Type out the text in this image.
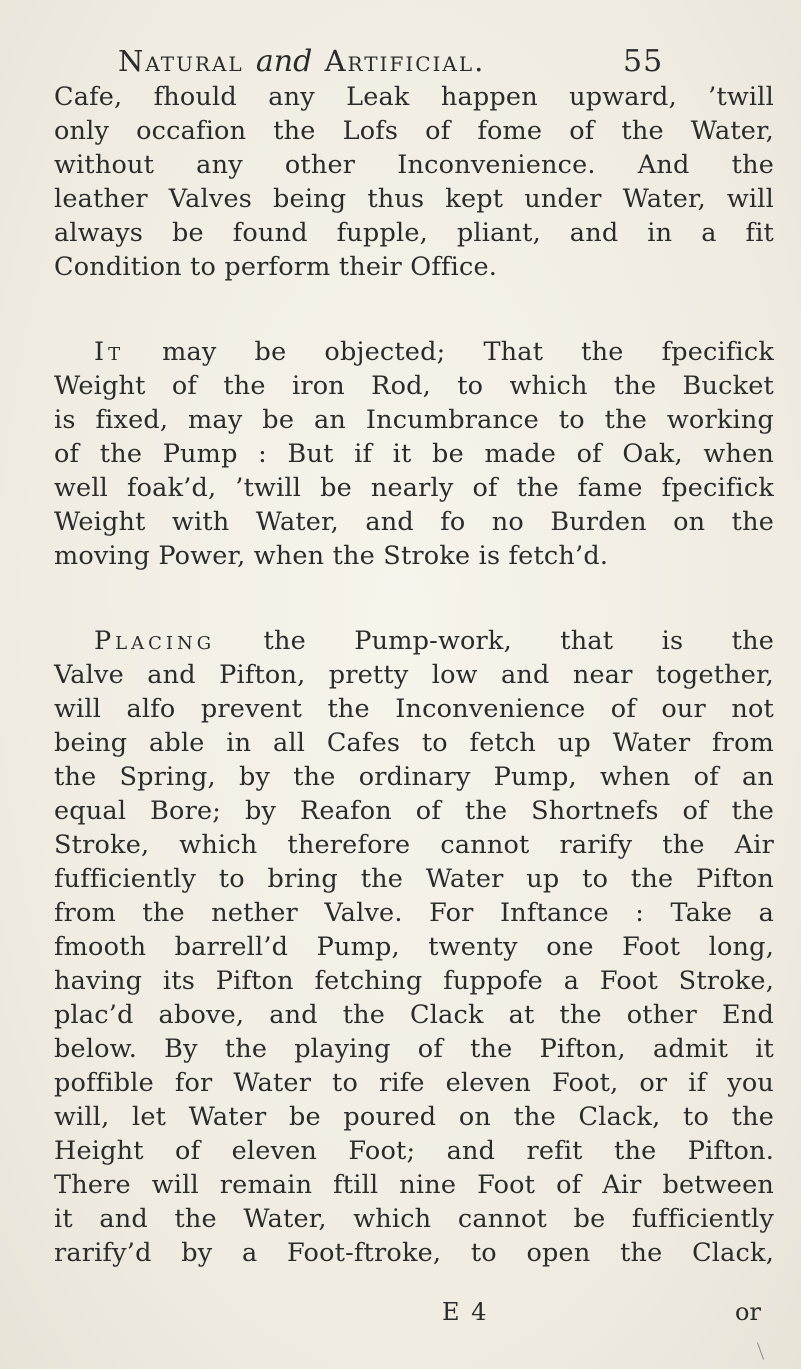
Natural and Artificial.	55
Cafe, fhould any Leak happen upward, ’twill
only occafion the Lofs of fome of the Water,
without any other Inconvenience. And the
leather Valves being thus kept under Water, will
always be found fupple, pliant, and in a fit
Condition to perform their Office.
It may be objected; That the fpecifick
Weight of the iron Rod, to which the Bucket
is fixed, may be an Incumbrance to the working
of the Pump : But if it be made of Oak, when
well foak’d, ’twill be nearly of the fame fpecifick
Weight with Water, and fo no Burden on the
moving Power, when the Stroke is fetch’d.
Placing the Pump-work, that is the
Valve and Pifton, pretty low and near together,
will alfo prevent the Inconvenience of our not
being able in all Cafes to fetch up Water from
the Spring, by the ordinary Pump, when of an
equal Bore; by Reafon of the Shortnefs of the
Stroke, which therefore cannot rarify the Air
fufficiently to bring the Water up to the Pifton
from the nether Valve. For Inftance : Take a
fmooth barrell’d Pump, twenty one Foot long,
having its Pifton fetching fuppofe a Foot Stroke,
plac’d above, and the Clack at the other End
below. By the playing of the Pifton, admit it
poffible for Water to rife eleven Foot, or if you
will, let Water be poured on the Clack, to the
Height of eleven Foot; and refit the Pifton.
There will remain ftill nine Foot of Air between
it and the Water, which cannot be fufficiently
rarify’d by a Foot-ftroke, to open the Clack,
E 4	or
